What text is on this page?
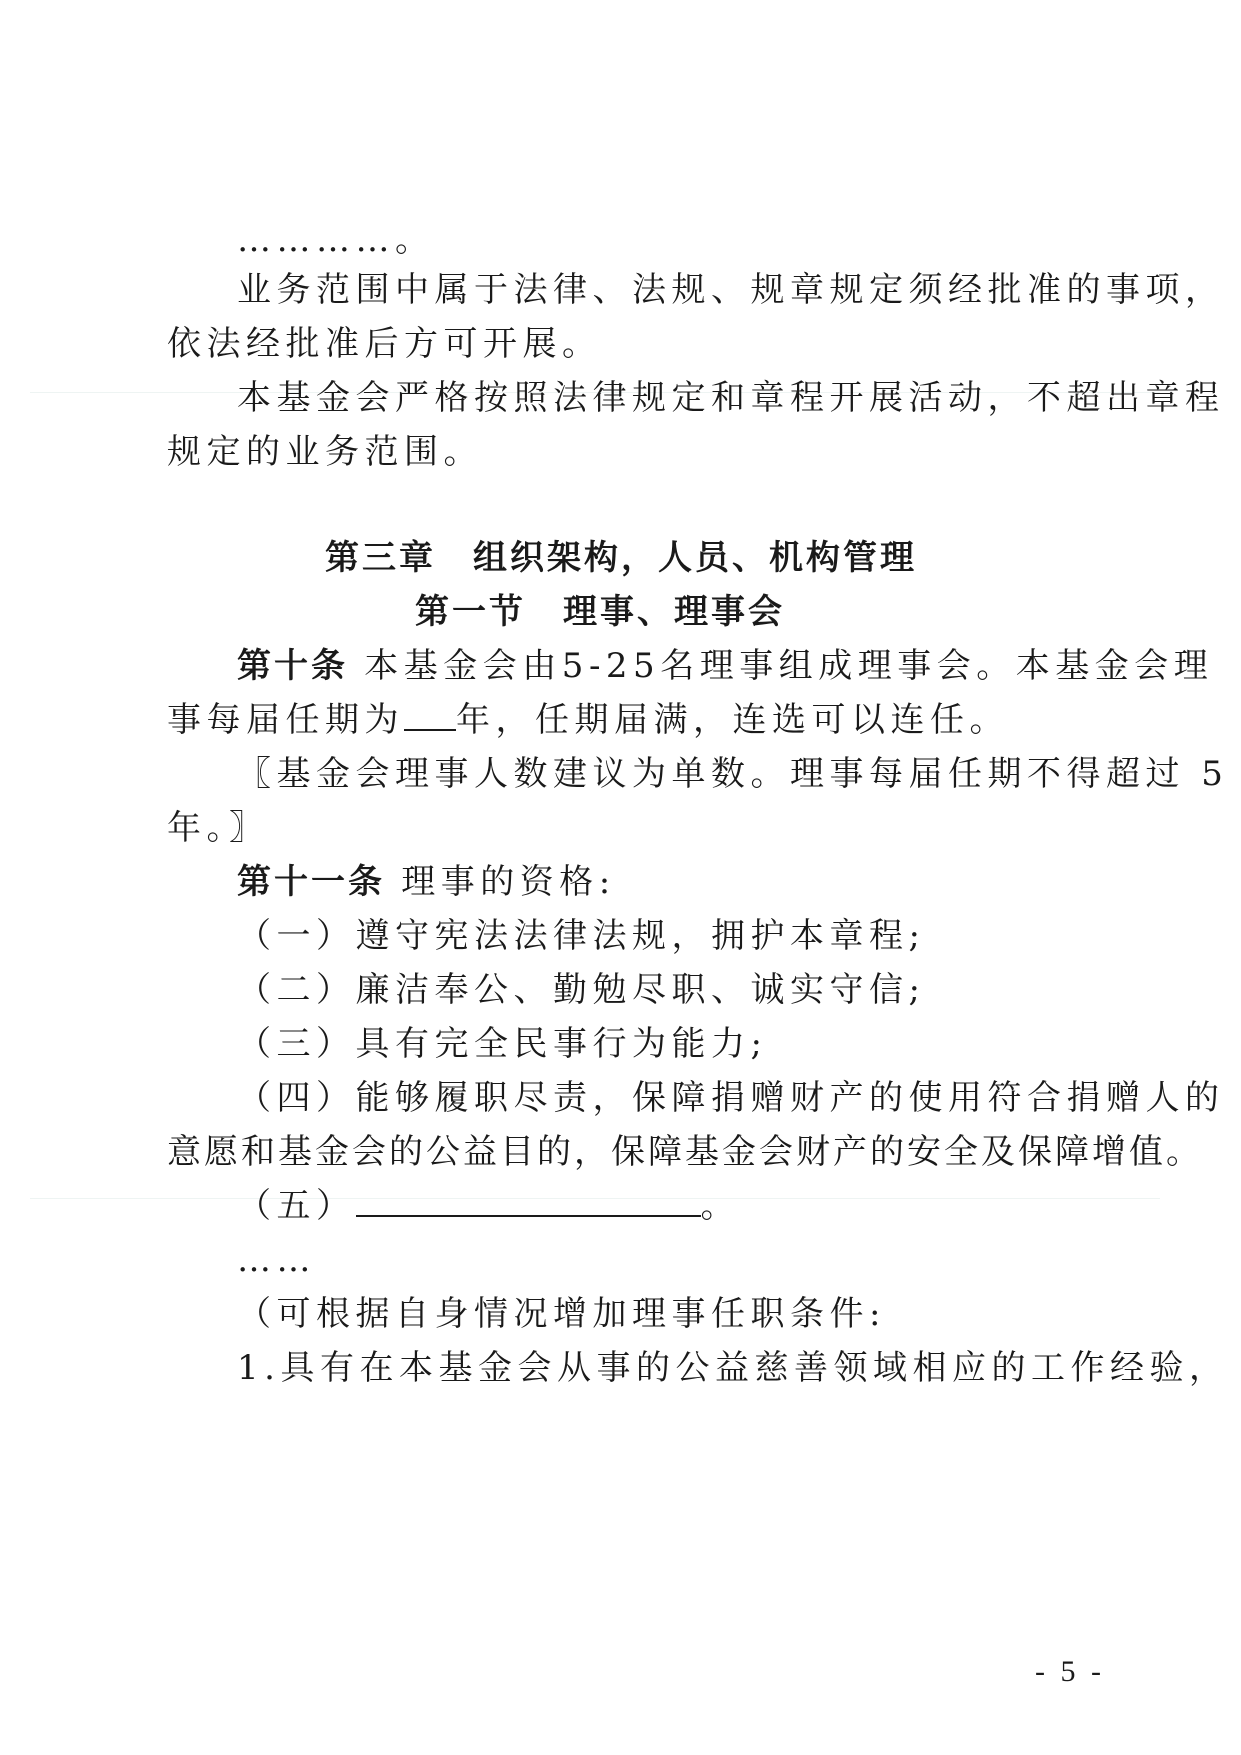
…………。
业务范围中属于法律、法规、规章规定须经批准的事项，
依法经批准后方可开展。
本基金会严格按照法律规定和章程开展活动，不超出章程
规定的业务范围。
第三章　组织架构，人员、机构管理
第一节　理事、理事会
第十条 本基金会由5-25名理事组成理事会。本基金会理
事每届任期为 年，任期届满，连选可以连任。
〖基金会理事人数建议为单数。理事每届任期不得超过 5
年。〗
第十一条 理事的资格:
（一）遵守宪法法律法规，拥护本章程;
（二）廉洁奉公、勤勉尽职、诚实守信;
（三）具有完全民事行为能力;
（四）能够履职尽责，保障捐赠财产的使用符合捐赠人的
意愿和基金会的公益目的，保障基金会财产的安全及保障增值。
（五）	。
……
（可根据自身情况增加理事任职条件:
1.具有在本基金会从事的公益慈善领域相应的工作经验，
- 5 -
